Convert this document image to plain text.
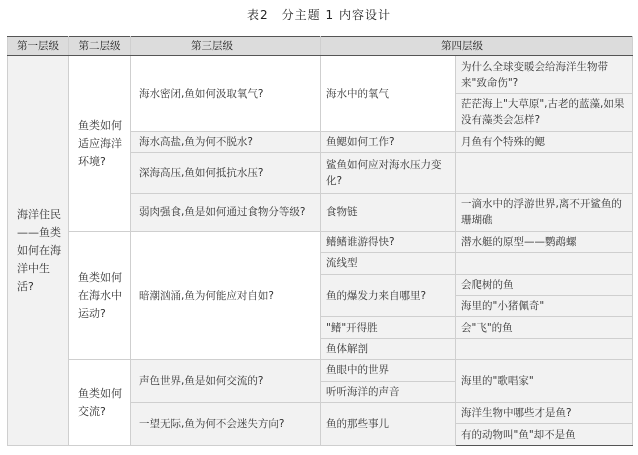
表2　分主题 1 内容设计
第一层级	第二层级	第三层级	第四层级	
海洋住民——鱼类如何在海洋中生活?	鱼类如何适应海洋环境?	海水密闭,鱼如何汲取氧气?	海水中的氧气	为什么全球变暖会给海洋生物带来"致命伤"?
				茫茫海上"大草原",古老的蓝藻,如果没有藻类会怎样?
		海水高盐,鱼为何不脱水?	鱼鳃如何工作?	月鱼有个特殊的鳃
		深海高压,鱼如何抵抗水压?	鲨鱼如何应对海水压力变化?	
		弱肉强食,鱼是如何通过食物分等级?	食物链	一滴水中的浮游世界,离不开鲨鱼的珊瑚礁
	鱼类如何在海水中运动?	暗潮汹涌,鱼为何能应对自如?	鳍鳍谁游得快?	潜水艇的原型——鹦鹉螺
			流线型	
			鱼的爆发力来自哪里?	会爬树的鱼
				海里的"小猪佩奇"
			"鳍"开得胜	会"飞"的鱼
			鱼体解剖	
	鱼类如何交流?	声色世界,鱼是如何交流的?	鱼眼中的世界	海里的"歌唱家"
			听听海洋的声音	
		一望无际,鱼为何不会迷失方向?	鱼的那些事儿	海洋生物中哪些才是鱼?
				有的动物叫"鱼"却不是鱼
